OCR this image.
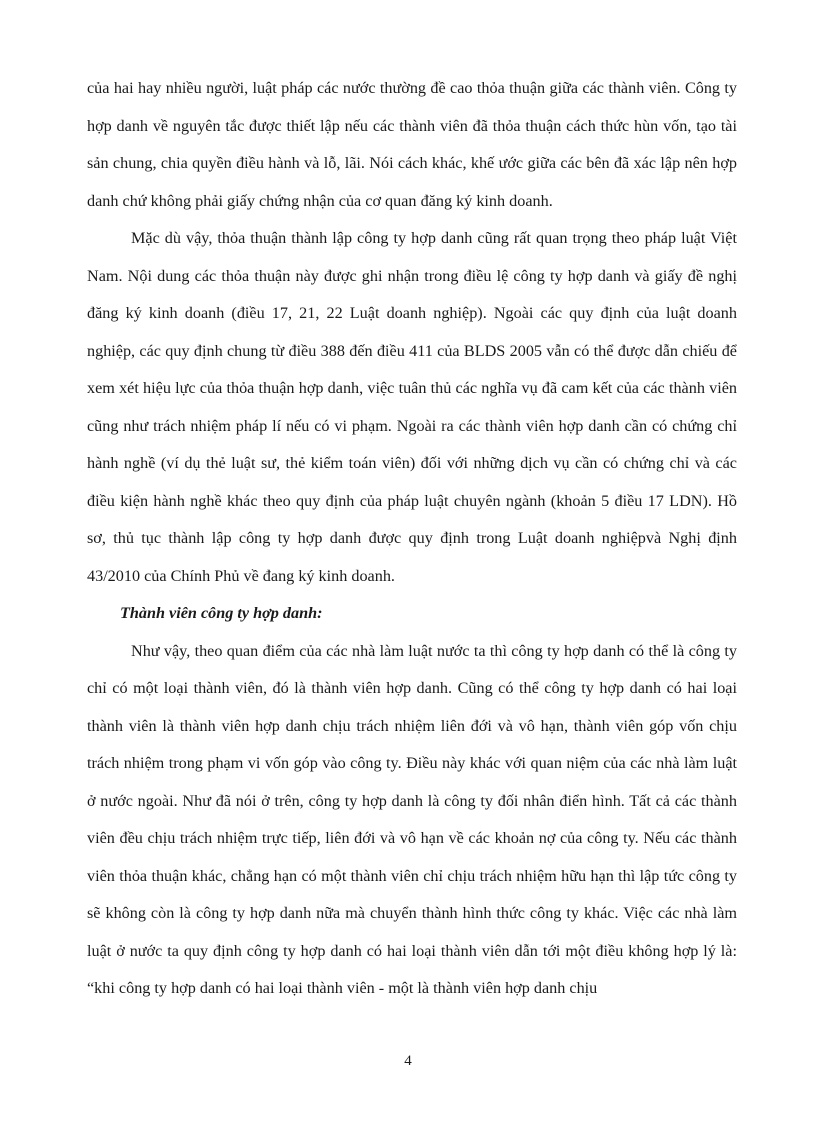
của hai hay nhiều người, luật pháp các nước thường đề cao thỏa thuận giữa các thành viên. Công ty hợp danh về nguyên tắc được thiết lập nếu các thành viên đã thỏa thuận cách thức hùn vốn, tạo tài sản chung, chia quyền điều hành và lỗ, lãi. Nói cách khác, khế ước giữa các bên đã xác lập nên hợp danh chứ không phải giấy chứng nhận của cơ quan đăng ký kinh doanh.

Mặc dù vậy, thỏa thuận thành lập công ty hợp danh cũng rất quan trọng theo pháp luật Việt Nam. Nội dung các thỏa thuận này được ghi nhận trong điều lệ công ty hợp danh và giấy đề nghị đăng ký kinh doanh (điều 17, 21, 22 Luật doanh nghiệp). Ngoài các quy định của luật doanh nghiệp, các quy định chung từ điều 388 đến điều 411 của BLDS 2005 vẫn có thể được dẫn chiếu để xem xét hiệu lực của thỏa thuận hợp danh, việc tuân thủ các nghĩa vụ đã cam kết của các thành viên cũng như trách nhiệm pháp lí nếu có vi phạm. Ngoài ra các thành viên hợp danh cần có chứng chỉ hành nghề (ví dụ thẻ luật sư, thẻ kiểm toán viên) đối với những dịch vụ cần có chứng chỉ và các điều kiện hành nghề khác theo quy định của pháp luật chuyên ngành (khoản 5 điều 17 LDN). Hồ sơ, thủ tục thành lập công ty hợp danh được quy định trong Luật doanh nghiệpvà Nghị định 43/2010 của Chính Phủ về đang ký kinh doanh.

Thành viên công ty hợp danh:

Như vậy, theo quan điểm của các nhà làm luật nước ta thì công ty hợp danh có thể là công ty chỉ có một loại thành viên, đó là thành viên hợp danh. Cũng có thể công ty hợp danh có hai loại thành viên là thành viên hợp danh chịu trách nhiệm liên đới và vô hạn, thành viên góp vốn chịu trách nhiệm trong phạm vi vốn góp vào công ty. Điều này khác với quan niệm của các nhà làm luật ở nước ngoài. Như đã nói ở trên, công ty hợp danh là công ty đối nhân điển hình. Tất cả các thành viên đều chịu trách nhiệm trực tiếp, liên đới và vô hạn về các khoản nợ của công ty. Nếu các thành viên thỏa thuận khác, chẳng hạn có một thành viên chỉ chịu trách nhiệm hữu hạn thì lập tức công ty sẽ không còn là công ty hợp danh nữa mà chuyển thành hình thức công ty khác. Việc các nhà làm luật ở nước ta quy định công ty hợp danh có hai loại thành viên dẫn tới một điều không hợp lý là: “khi công ty hợp danh có hai loại thành viên - một là thành viên hợp danh chịu

4
